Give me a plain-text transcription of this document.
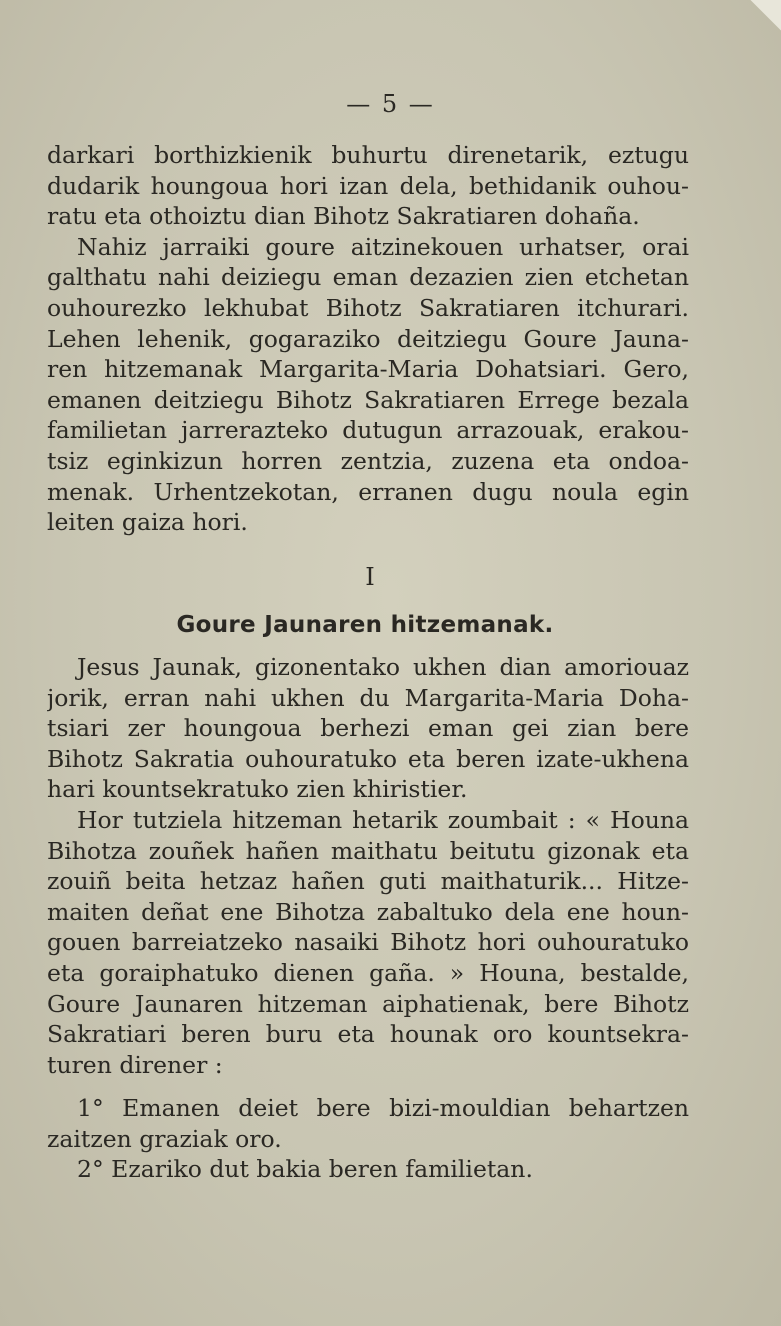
— 5 —
darkari borthizkienik buhurtu direnetarik, eztugu
dudarik houngoua hori izan dela, bethidanik ouhou-
ratu eta othoiztu dian Bihotz Sakratiaren dohaña.
Nahiz jarraiki goure aitzinekouen urhatser, orai
galthatu nahi deiziegu eman dezazien zien etchetan
ouhourezko lekhubat Bihotz Sakratiaren itchurari.
Lehen lehenik, gogaraziko deitziegu Goure Jauna-
ren hitzemanak Margarita-Maria Dohatsiari. Gero,
emanen deitziegu Bihotz Sakratiaren Errege bezala
familietan jarrerazteko dutugun arrazouak, erakou-
tsiz eginkizun horren zentzia, zuzena eta ondoa-
menak. Urhentzekotan, erranen dugu noula egin
leiten gaiza hori.
I
Goure Jaunaren hitzemanak.
Jesus Jaunak, gizonentako ukhen dian amoriouaz
jorik, erran nahi ukhen du Margarita-Maria Doha-
tsiari zer houngoua berhezi eman gei zian bere
Bihotz Sakratia ouhouratuko eta beren izate-ukhena
hari kountsekratuko zien khiristier.
Hor tutziela hitzeman hetarik zoumbait : « Houna
Bihotza zouñek hañen maithatu beitutu gizonak eta
zouiñ beita hetzaz hañen guti maithaturik... Hitze-
maiten deñat ene Bihotza zabaltuko dela ene houn-
gouen barreiatzeko nasaiki Bihotz hori ouhouratuko
eta goraiphatuko dienen gaña. » Houna, bestalde,
Goure Jaunaren hitzeman aiphatienak, bere Bihotz
Sakratiari beren buru eta hounak oro kountsekra-
turen direner :
1° Emanen deiet bere bizi-mouldian behartzen
zaitzen graziak oro.
2° Ezariko dut bakia beren familietan.
